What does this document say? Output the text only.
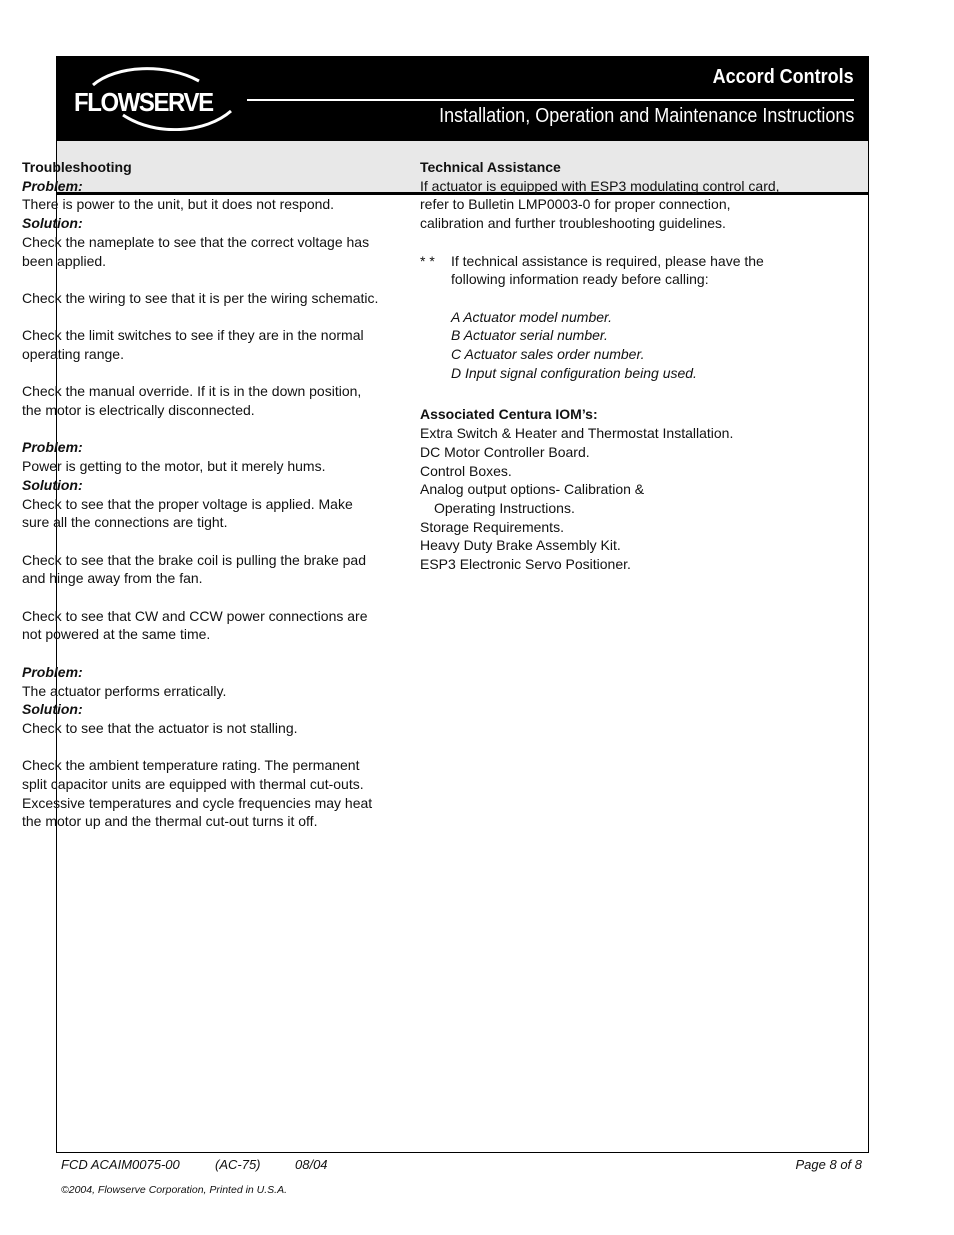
FLOWSERVE
Accord Controls
Installation, Operation and Maintenance Instructions

Troubleshooting

Problem:

There is power to the unit, but it does not respond.

Solution:

Check the nameplate to see that the correct voltage has been applied.

Check the wiring to see that it is per the wiring schematic.

Check the limit switches to see if they are in the normal operating range.

Check the manual override. If it is in the down position, the motor is electrically disconnected.

Problem:

Power is getting to the motor, but it merely hums.

Solution:

Check to see that the proper voltage is applied. Make sure all the connections are tight.

Check to see that the brake coil is pulling the brake pad and hinge away from the fan.

Check to see that CW and CCW power connections are not powered at the same time.

Problem:

The actuator performs erratically.

Solution:

Check to see that the actuator is not stalling.

Check the ambient temperature rating. The permanent split capacitor units are equipped with thermal cut-outs. Excessive temperatures and cycle frequencies may heat the motor up and the thermal cut-out turns it off.

Technical Assistance

If actuator is equipped with ESP3 modulating control card, refer to Bulletin LMP0003-0 for proper connection, calibration and further troubleshooting guidelines.

* *	If technical assistance is required, please have the following information ready before calling:

A Actuator model number.

B Actuator serial number.

C Actuator sales order number.

D Input signal configuration being used.

Associated Centura IOM’s:

Extra Switch & Heater and Thermostat Installation.

DC Motor Controller Board.

Control Boxes.

Analog output options- Calibration &

Operating Instructions.

Storage Requirements.

Heavy Duty Brake Assembly Kit.

ESP3 Electronic Servo Positioner.

FCD ACAIM0075-00	(AC-75)	08/04	Page 8 of 8
©2004, Flowserve Corporation, Printed in U.S.A.
